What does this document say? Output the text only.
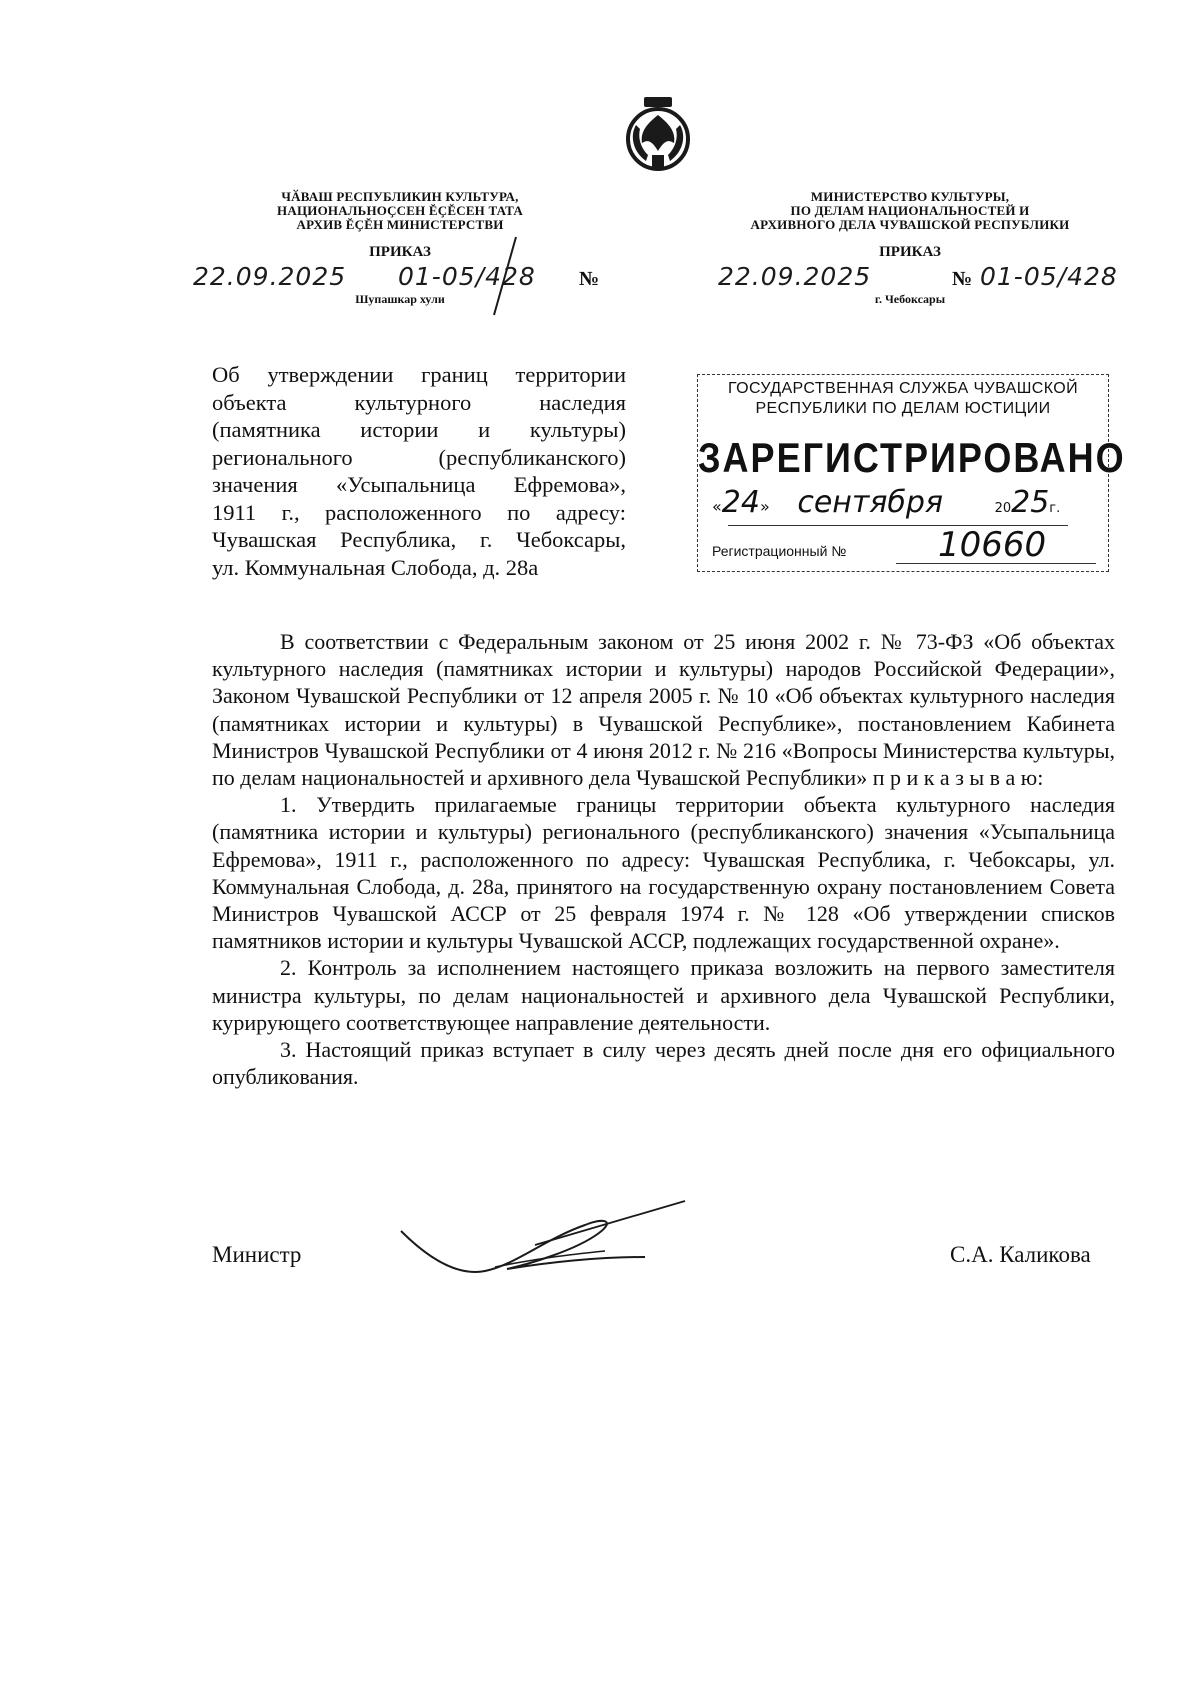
ЧӐВАШ РЕСПУБЛИКИН КУЛЬТУРА,
НАЦИОНАЛЬНОҪСЕН ĔҪĔСЕН ТАТА
АРХИВ ĔҪĔН МИНИСТЕРСТВИ
ПРИКАЗ
22.09.2025 01-05/428 №
Шупашкар хули
МИНИСТЕРСТВО КУЛЬТУРЫ,
ПО ДЕЛАМ НАЦИОНАЛЬНОСТЕЙ И
АРХИВНОГО ДЕЛА ЧУВАШСКОЙ РЕСПУБЛИКИ
ПРИКАЗ
22.09.2025	№ 01-05/428
г. Чебоксары
Об утверждении границ территории
объекта культурного наследия
(памятника истории и культуры)
регионального (республиканского)
значения «Усыпальница Ефремова»,
1911 г., расположенного по адресу:
Чувашская Республика, г. Чебоксары,
ул. Коммунальная Слобода, д. 28а
ГОСУДАРСТВЕННАЯ СЛУЖБА ЧУВАШСКОЙ
РЕСПУБЛИКИ ПО ДЕЛАМ ЮСТИЦИИ
ЗАРЕГИСТРИРОВАНО
«24» сентября	2025г.
Регистрационный №	10660

В соответствии с Федеральным законом от 25 июня 2002 г. № 73-ФЗ «Об объектах культурного наследия (памятниках истории и культуры) народов Российской Федерации», Законом Чувашской Республики от 12 апреля 2005 г. № 10 «Об объектах культурного наследия (памятниках истории и культуры) в Чувашской Республике», постановлением Кабинета Министров Чувашской Республики от 4 июня 2012 г. № 216 «Вопросы Министерства культуры, по делам национальностей и архивного дела Чувашской Республики» п р и к а з ы в а ю:

1. Утвердить прилагаемые границы территории объекта культурного наследия (памятника истории и культуры) регионального (республиканского) значения «Усыпальница Ефремова», 1911 г., расположенного по адресу: Чувашская Республика, г. Чебоксары, ул. Коммунальная Слобода, д. 28а, принятого на государственную охрану постановлением Совета Министров Чувашской АССР от 25 февраля 1974 г. № 128 «Об утверждении списков памятников истории и культуры Чувашской АССР, подлежащих государственной охране».

2. Контроль за исполнением настоящего приказа возложить на первого заместителя министра культуры, по делам национальностей и архивного дела Чувашской Республики, курирующего соответствующее направление деятельности.

3. Настоящий приказ вступает в силу через десять дней после дня его официального опубликования.

Министр	С.А. Каликова
